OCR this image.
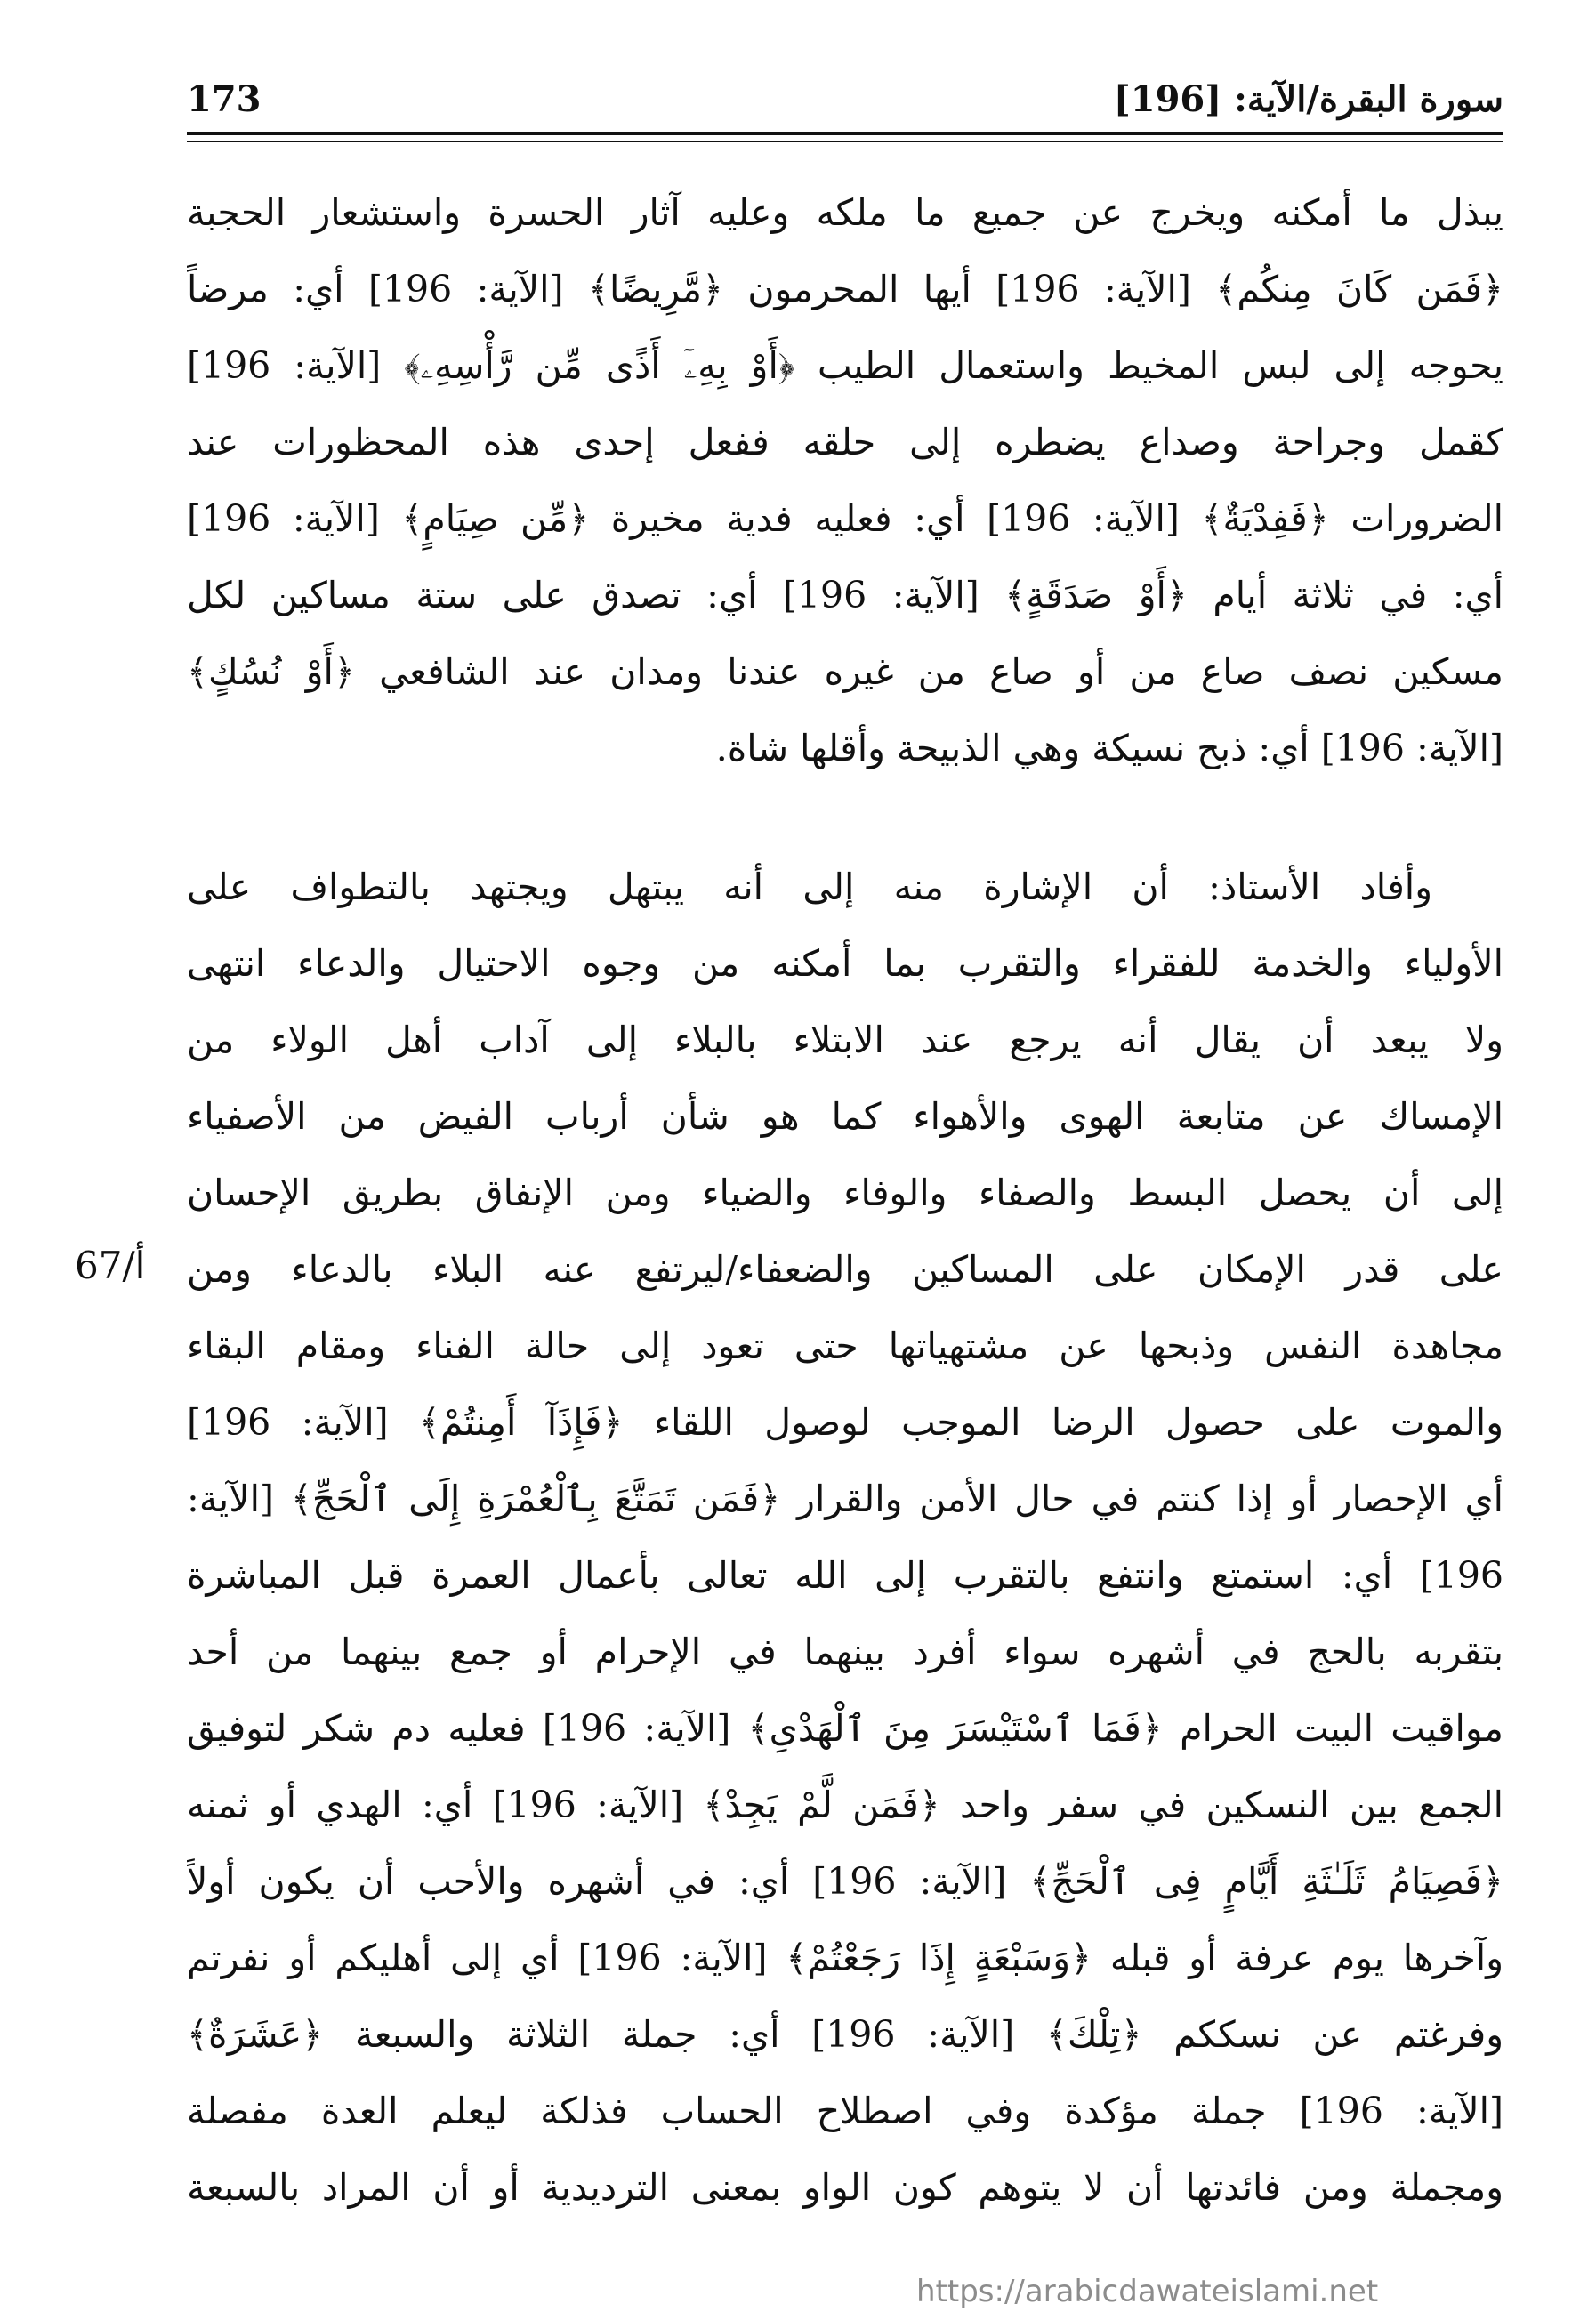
سورة البقرة/الآية: [196]
173
يبذل ما أمكنه ويخرج عن جميع ما ملكه وعليه آثار الحسرة واستشعار الحجبة
﴿فَمَن كَانَ مِنكُم﴾ [الآية: 196] أيها المحرمون ﴿مَّرِيضًا﴾ [الآية: 196] أي: مرضاً
يحوجه إلى لبس المخيط واستعمال الطيب ﴿أَوْ بِهِۦٓ أَذًى مِّن رَّأْسِهِۦ﴾ [الآية: 196]
كقمل وجراحة وصداع يضطره إلى حلقه ففعل إحدى هذه المحظورات عند
الضرورات ﴿فَفِدْيَةٌ﴾ [الآية: 196] أي: فعليه فدية مخيرة ﴿مِّن صِيَامٍ﴾ [الآية: 196]
أي: في ثلاثة أيام ﴿أَوْ صَدَقَةٍ﴾ [الآية: 196] أي: تصدق على ستة مساكين لكل
مسكين نصف صاع من أو صاع من غيره عندنا ومدان عند الشافعي ﴿أَوْ نُسُكٍ﴾
[الآية: 196] أي: ذبح نسيكة وهي الذبيحة وأقلها شاة.
وأفاد الأستاذ: أن الإشارة منه إلى أنه يبتهل ويجتهد بالتطواف على
الأولياء والخدمة للفقراء والتقرب بما أمكنه من وجوه الاحتيال والدعاء انتهى
ولا يبعد أن يقال أنه يرجع عند الابتلاء بالبلاء إلى آداب أهل الولاء من
الإمساك عن متابعة الهوى والأهواء كما هو شأن أرباب الفيض من الأصفياء
إلى أن يحصل البسط والصفاء والوفاء والضياء ومن الإنفاق بطريق الإحسان
على قدر الإمكان على المساكين والضعفاء/ليرتفع عنه البلاء بالدعاء ومن
مجاهدة النفس وذبحها عن مشتهياتها حتى تعود إلى حالة الفناء ومقام البقاء
والموت على حصول الرضا الموجب لوصول اللقاء ﴿فَإِذَآ أَمِنتُمْ﴾ [الآية: 196]
أي الإحصار أو إذا كنتم في حال الأمن والقرار ﴿فَمَن تَمَتَّعَ بِٱلْعُمْرَةِ إِلَى ٱلْحَجِّ﴾ [الآية:
196] أي: استمتع وانتفع بالتقرب إلى الله تعالى بأعمال العمرة قبل المباشرة
بتقربه بالحج في أشهره سواء أفرد بينهما في الإحرام أو جمع بينهما من أحد
مواقيت البيت الحرام ﴿فَمَا ٱسْتَيْسَرَ مِنَ ٱلْهَدْىِ﴾ [الآية: 196] فعليه دم شكر لتوفيق
الجمع بين النسكين في سفر واحد ﴿فَمَن لَّمْ يَجِدْ﴾ [الآية: 196] أي: الهدي أو ثمنه
﴿فَصِيَامُ ثَلَـٰثَةِ أَيَّامٍ فِى ٱلْحَجِّ﴾ [الآية: 196] أي: في أشهره والأحب أن يكون أولاً
وآخرها يوم عرفة أو قبله ﴿وَسَبْعَةٍ إِذَا رَجَعْتُمْ﴾ [الآية: 196] أي إلى أهليكم أو نفرتم
وفرغتم عن نسككم ﴿تِلْكَ﴾ [الآية: 196] أي: جملة الثلاثة والسبعة ﴿عَشَرَةٌ﴾
[الآية: 196] جملة مؤكدة وفي اصطلاح الحساب فذلكة ليعلم العدة مفصلة
ومجملة ومن فائدتها أن لا يتوهم كون الواو بمعنى الترديدية أو أن المراد بالسبعة
67/أ
https://arabicdawateislami.net
